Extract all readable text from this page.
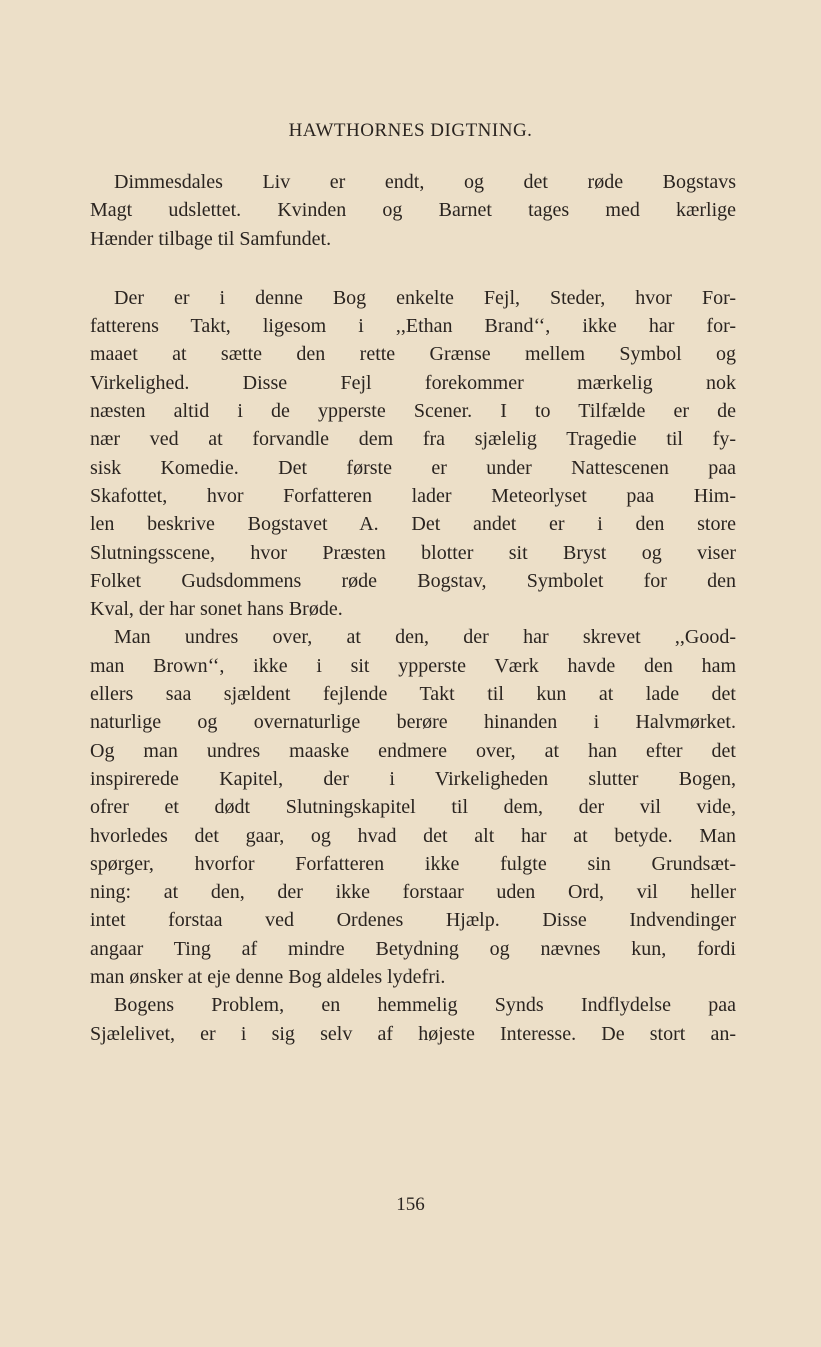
HAWTHORNES DIGTNING.
Dimmesdales Liv er endt, og det røde Bogstavs
Magt udslettet. Kvinden og Barnet tages med kærlige
Hænder tilbage til Samfundet.
Der er i denne Bog enkelte Fejl, Steder, hvor For-
fatterens Takt, ligesom i ,,Ethan Brand‘‘, ikke har for-
maaet at sætte den rette Grænse mellem Symbol og
Virkelighed. Disse Fejl forekommer mærkelig nok
næsten altid i de ypperste Scener. I to Tilfælde er de
nær ved at forvandle dem fra sjælelig Tragedie til fy-
sisk Komedie. Det første er under Nattescenen paa
Skafottet, hvor Forfatteren lader Meteorlyset paa Him-
len beskrive Bogstavet A. Det andet er i den store
Slutningsscene, hvor Præsten blotter sit Bryst og viser
Folket Gudsdommens røde Bogstav, Symbolet for den
Kval, der har sonet hans Brøde.
Man undres over, at den, der har skrevet ,,Good-
man Brown‘‘, ikke i sit ypperste Værk havde den ham
ellers saa sjældent fejlende Takt til kun at lade det
naturlige og overnaturlige berøre hinanden i Halvmørket.
Og man undres maaske endmere over, at han efter det
inspirerede Kapitel, der i Virkeligheden slutter Bogen,
ofrer et dødt Slutningskapitel til dem, der vil vide,
hvorledes det gaar, og hvad det alt har at betyde. Man
spørger, hvorfor Forfatteren ikke fulgte sin Grundsæt-
ning: at den, der ikke forstaar uden Ord, vil heller
intet forstaa ved Ordenes Hjælp. Disse Indvendinger
angaar Ting af mindre Betydning og nævnes kun, fordi
man ønsker at eje denne Bog aldeles lydefri.
Bogens Problem, en hemmelig Synds Indflydelse paa
Sjælelivet, er i sig selv af højeste Interesse. De stort an-
156
